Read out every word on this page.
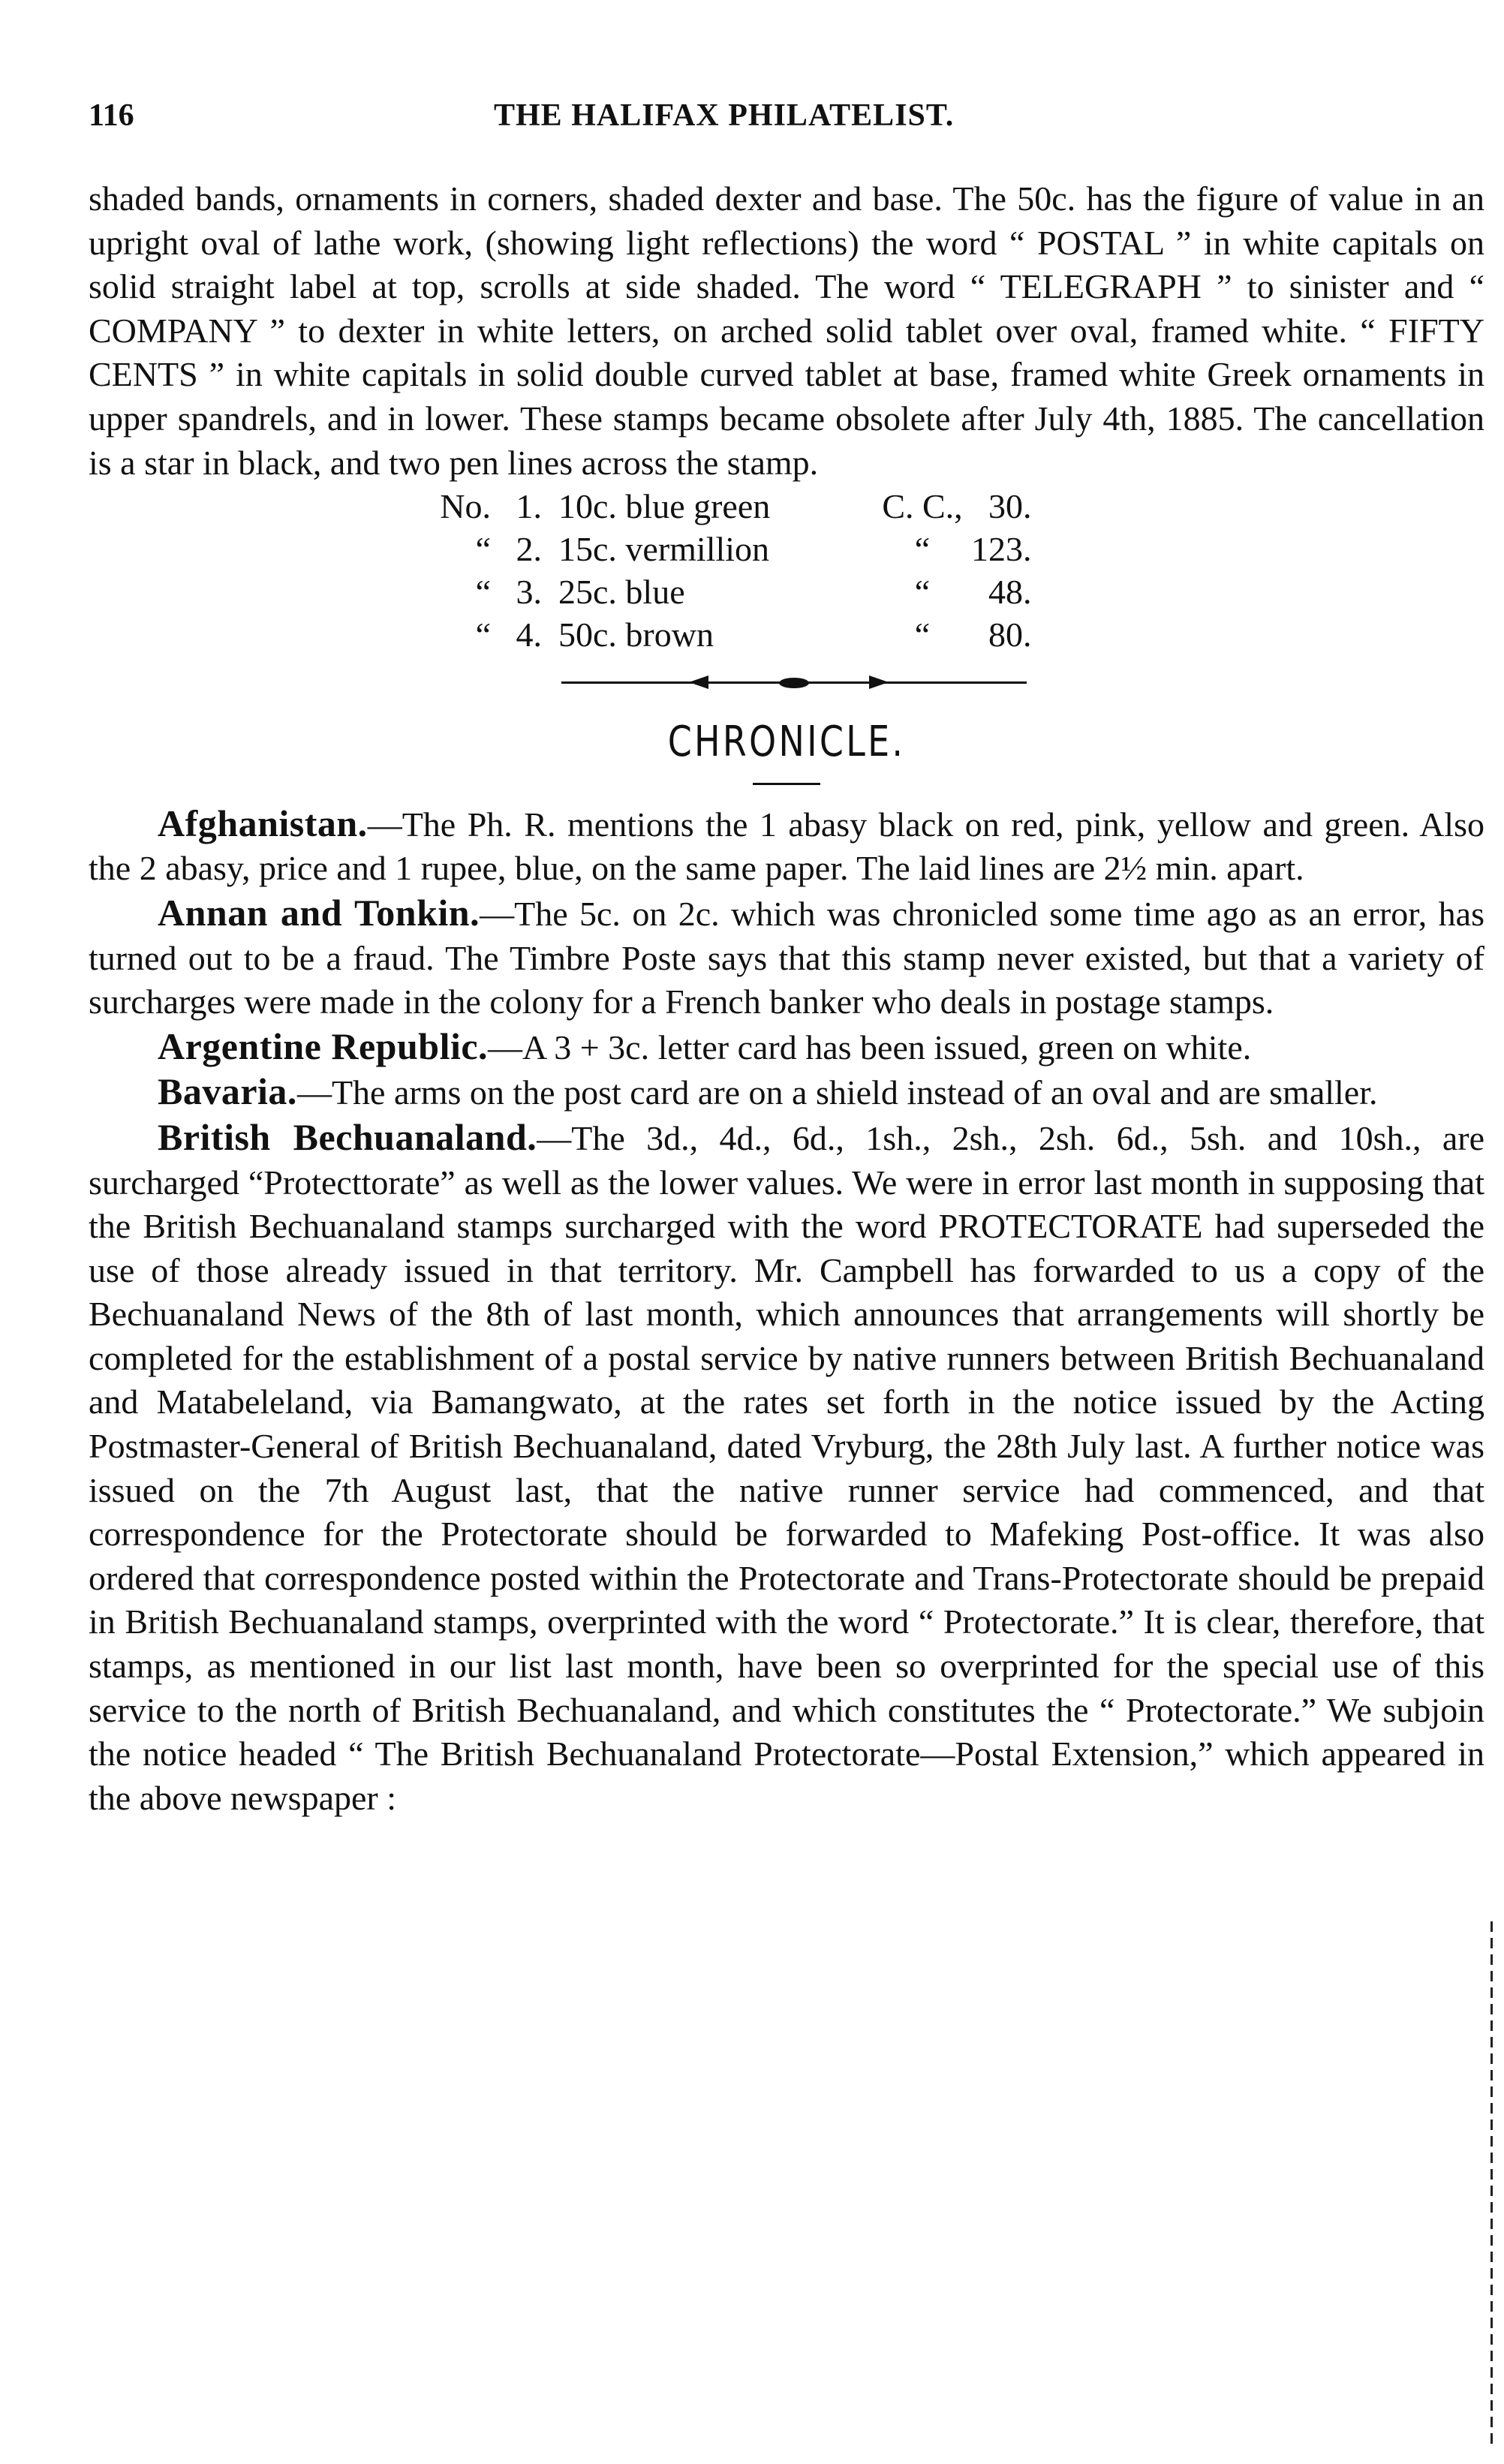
116	THE HALIFAX PHILATELIST.

shaded bands, ornaments in corners, shaded dexter and base. The 50c. has the figure of value in an upright oval of lathe work, (showing light reflections) the word “ POSTAL ” in white capitals on solid straight label at top, scrolls at side shaded. The word “ TELEGRAPH ” to sinister and “ COMPANY ” to dexter in white letters, on arched solid tablet over oval, framed white. “ FIFTY CENTS ” in white capitals in solid double curved tablet at base, framed white Greek ornaments in upper spandrels, and in lower. These stamps became obsolete after July 4th, 1885. The cancellation is a star in black, and two pen lines across the stamp.

No.	1.	10c. blue green	C. C.,	30.
“	2.	15c. vermillion	“	123.
“	3.	25c. blue	“	48.
“	4.	50c. brown	“	80.
CHRONICLE.

Afghanistan.—The Ph. R. mentions the 1 abasy black on red, pink, yellow and green. Also the 2 abasy, price and 1 rupee, blue, on the same paper. The laid lines are 2½ min. apart.

Annan and Tonkin.—The 5c. on 2c. which was chronicled some time ago as an error, has turned out to be a fraud. The Timbre Poste says that this stamp never existed, but that a variety of surcharges were made in the colony for a French banker who deals in postage stamps.

Argentine Republic.—A 3 + 3c. letter card has been issued, green on white.

Bavaria.—The arms on the post card are on a shield instead of an oval and are smaller.

British Bechuanaland.—The 3d., 4d., 6d., 1sh., 2sh., 2sh. 6d., 5sh. and 10sh., are surcharged “Protecttorate” as well as the lower values. We were in error last month in supposing that the British Bechuanaland stamps surcharged with the word PROTECTORATE had superseded the use of those already issued in that territory. Mr. Campbell has forwarded to us a copy of the Bechuanaland News of the 8th of last month, which announces that arrangements will shortly be completed for the establishment of a postal service by native runners between British Bechuanaland and Matabeleland, via Bamangwato, at the rates set forth in the notice issued by the Acting Postmaster-General of British Bechuanaland, dated Vryburg, the 28th July last. A further notice was issued on the 7th August last, that the native runner service had commenced, and that correspondence for the Protectorate should be forwarded to Mafeking Post-office. It was also ordered that correspondence posted within the Protectorate and Trans-Protectorate should be prepaid in British Bechuanaland stamps, overprinted with the word “ Protectorate.” It is clear, therefore, that stamps, as mentioned in our list last month, have been so overprinted for the special use of this service to the north of British Bechuanaland, and which constitutes the “ Protectorate.” We subjoin the notice headed “ The British Bechuanaland Protectorate—Postal Extension,” which appeared in the above newspaper :
